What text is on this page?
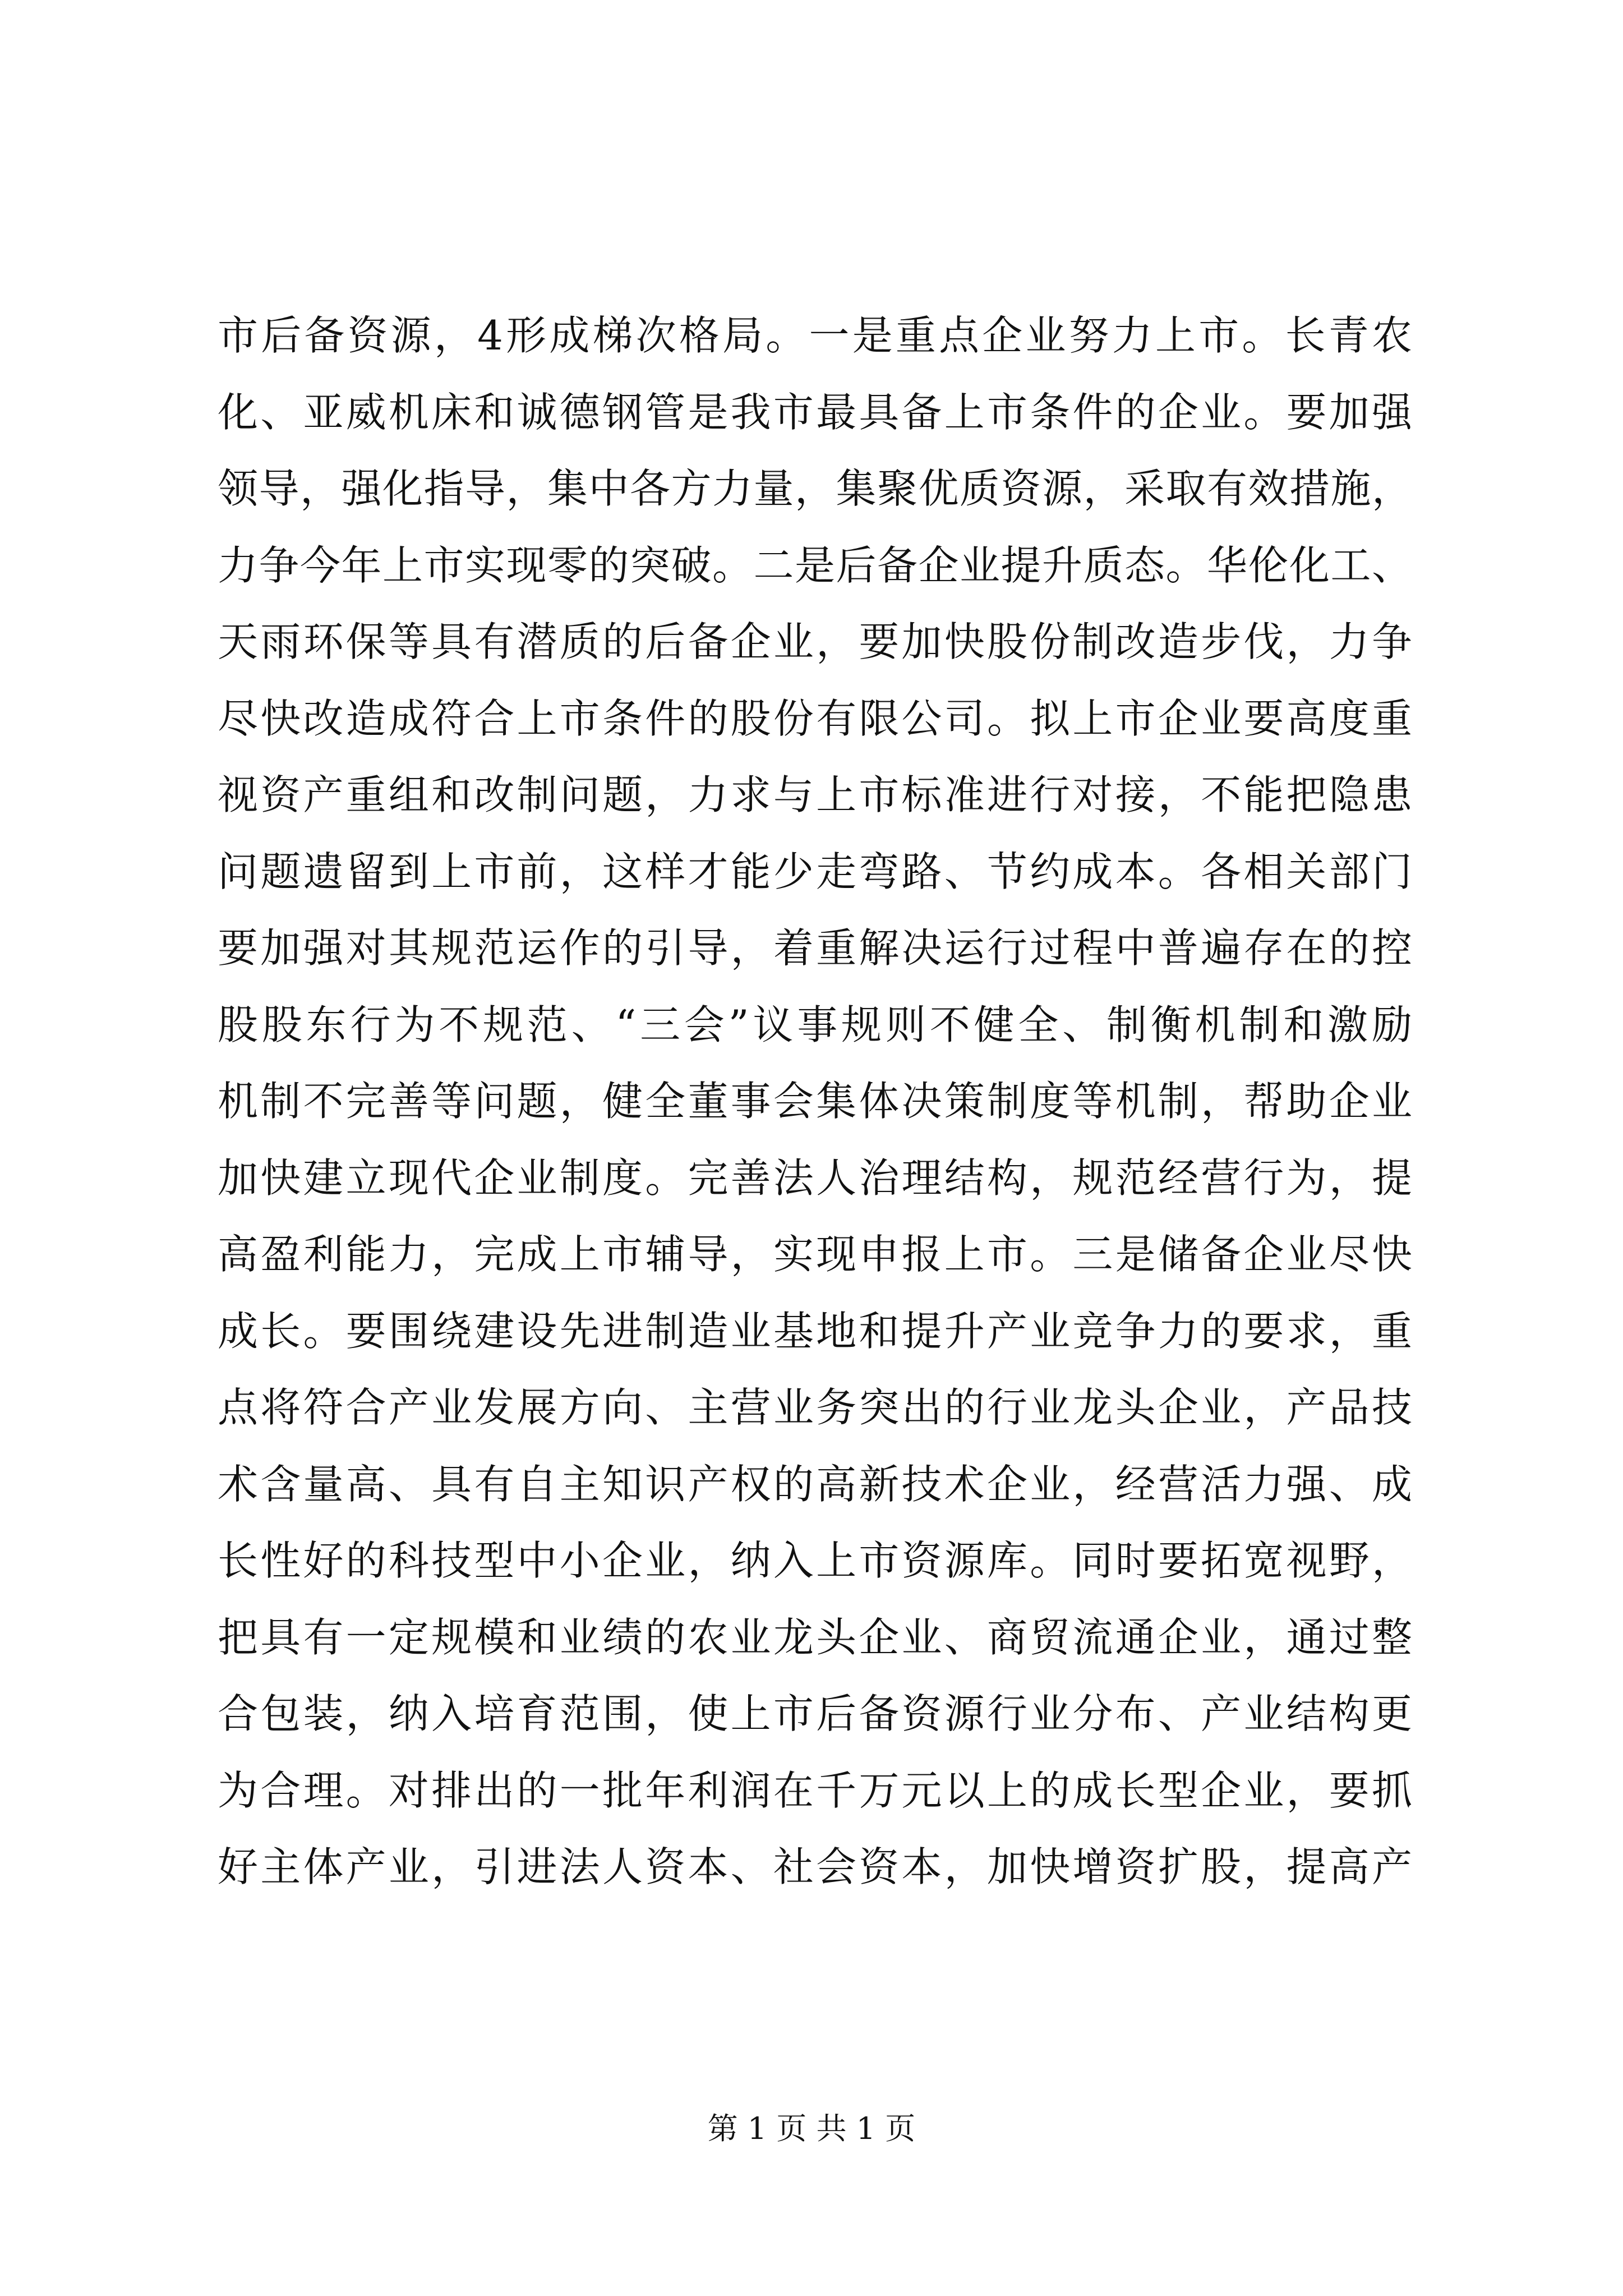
市后备资源，4形成梯次格局。一是重点企业努力上市。长青农
化、亚威机床和诚德钢管是我市最具备上市条件的企业。要加强
领导，强化指导，集中各方力量，集聚优质资源，采取有效措施，
力争今年上市实现零的突破。二是后备企业提升质态。华伦化工、
天雨环保等具有潜质的后备企业，要加快股份制改造步伐，力争
尽快改造成符合上市条件的股份有限公司。拟上市企业要高度重
视资产重组和改制问题，力求与上市标准进行对接，不能把隐患
问题遗留到上市前，这样才能少走弯路、节约成本。各相关部门
要加强对其规范运作的引导，着重解决运行过程中普遍存在的控
股股东行为不规范、“三会”议事规则不健全、制衡机制和激励
机制不完善等问题，健全董事会集体决策制度等机制，帮助企业
加快建立现代企业制度。完善法人治理结构，规范经营行为，提
高盈利能力，完成上市辅导，实现申报上市。三是储备企业尽快
成长。要围绕建设先进制造业基地和提升产业竞争力的要求，重
点将符合产业发展方向、主营业务突出的行业龙头企业，产品技
术含量高、具有自主知识产权的高新技术企业，经营活力强、成
长性好的科技型中小企业，纳入上市资源库。同时要拓宽视野，
把具有一定规模和业绩的农业龙头企业、商贸流通企业，通过整
合包装，纳入培育范围，使上市后备资源行业分布、产业结构更
为合理。对排出的一批年利润在千万元以上的成长型企业，要抓
好主体产业，引进法人资本、社会资本，加快增资扩股，提高产
第 1 页 共 1 页
